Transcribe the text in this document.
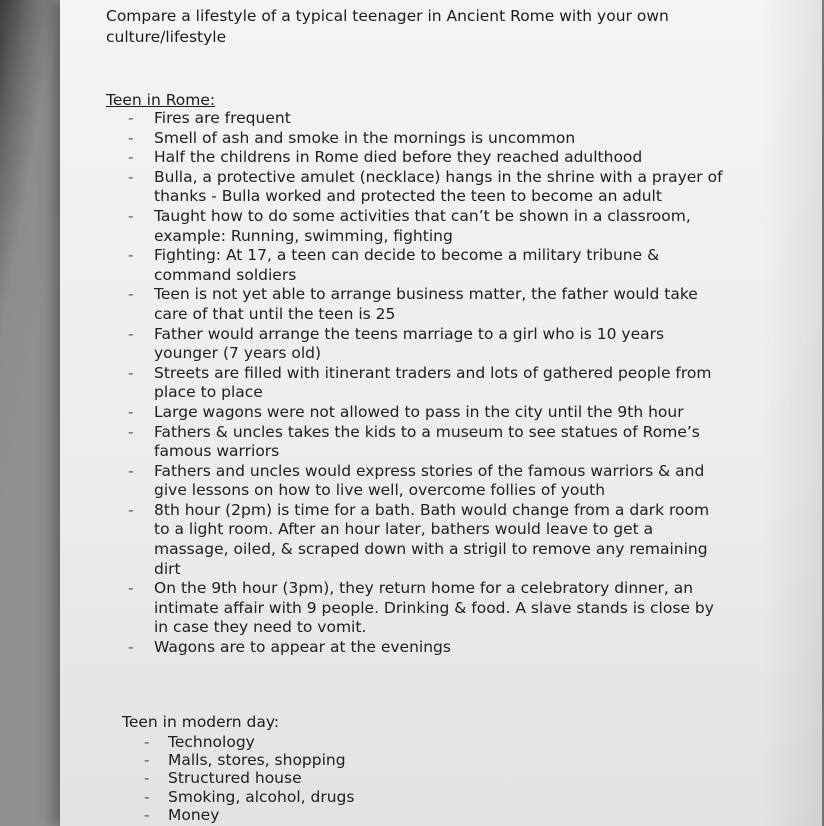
Compare a lifestyle of a typical teenager in Ancient Rome with your own culture/lifestyle
Teen in Rome:
- Fires are frequent
- Smell of ash and smoke in the mornings is uncommon
- Half the childrens in Rome died before they reached adulthood
- Bulla, a protective amulet (necklace) hangs in the shrine with a prayer of thanks - Bulla worked and protected the teen to become an adult
- Taught how to do some activities that can’t be shown in a classroom, example: Running, swimming, fighting
- Fighting: At 17, a teen can decide to become a military tribune & command soldiers
- Teen is not yet able to arrange business matter, the father would take care of that until the teen is 25
- Father would arrange the teens marriage to a girl who is 10 years younger (7 years old)
- Streets are filled with itinerant traders and lots of gathered people from place to place
- Large wagons were not allowed to pass in the city until the 9th hour
- Fathers & uncles takes the kids to a museum to see statues of Rome’s famous warriors
- Fathers and uncles would express stories of the famous warriors & and give lessons on how to live well, overcome follies of youth
- 8th hour (2pm) is time for a bath. Bath would change from a dark room to a light room. After an hour later, bathers would leave to get a massage, oiled, & scraped down with a strigil to remove any remaining dirt
- On the 9th hour (3pm), they return home for a celebratory dinner, an intimate affair with 9 people. Drinking & food. A slave stands is close by in case they need to vomit.
- Wagons are to appear at the evenings
Teen in modern day:
- Technology
- Malls, stores, shopping
- Structured house
- Smoking, alcohol, drugs
- Money
